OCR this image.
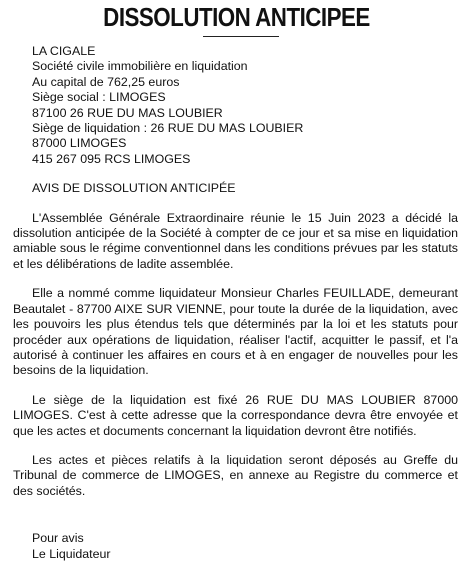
DISSOLUTION ANTICIPEE
LA CIGALE
Société civile immobilière en liquidation
Au capital de 762,25 euros
Siège social : LIMOGES
87100 26 RUE DU MAS LOUBIER
Siège de liquidation : 26 RUE DU MAS LOUBIER
87000 LIMOGES
415 267 095 RCS LIMOGES
AVIS DE DISSOLUTION ANTICIPÉE
L'Assemblée Générale Extraordinaire réunie le 15 Juin 2023 a décidé la dissolution anticipée de la Société à compter de ce jour et sa mise en liquidation amiable sous le régime conventionnel dans les conditions prévues par les statuts et les délibérations de ladite assemblée.
Elle a nommé comme liquidateur Monsieur Charles FEUILLADE, demeurant Beautalet - 87700 AIXE SUR VIENNE, pour toute la durée de la liquidation, avec les pouvoirs les plus étendus tels que déterminés par la loi et les statuts pour procéder aux opérations de liquidation, réaliser l'actif, acquitter le passif, et l'a autorisé à continuer les affaires en cours et à en engager de nouvelles pour les besoins de la liquidation.
Le siège de la liquidation est fixé 26 RUE DU MAS LOUBIER 87000 LIMOGES. C'est à cette adresse que la correspondance devra être envoyée et que les actes et documents concernant la liquidation devront être notifiés.
Les actes et pièces relatifs à la liquidation seront déposés au Greffe du Tribunal de commerce de LIMOGES, en annexe au Registre du commerce et des sociétés.
Pour avis
Le Liquidateur
